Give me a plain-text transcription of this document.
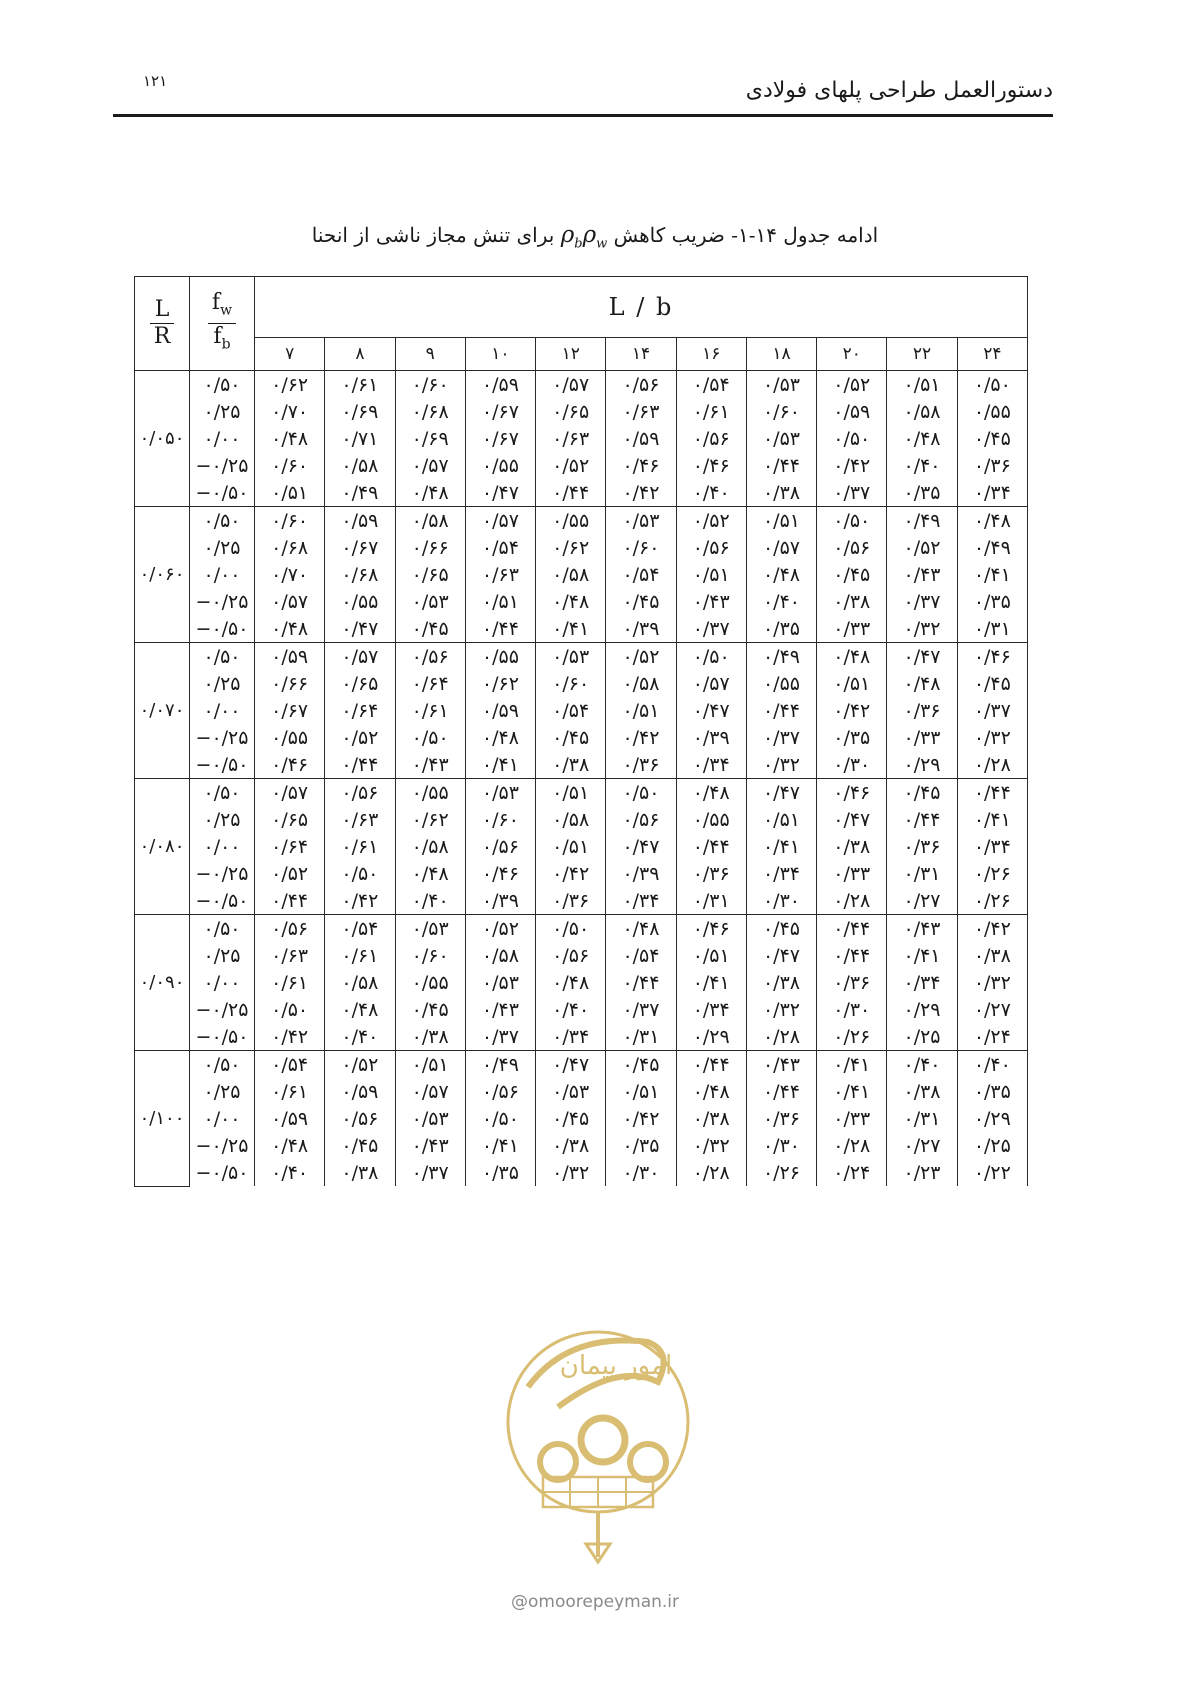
دستورالعمل طراحی پلهای فولادی
۱۲۱
ادامه جدول ۱۴-۱- ضریب کاهش $\rho_b\rho_w$ برای تنش مجاز ناشی از انحنا
$\frac{L}{R}$	$\frac{f_w}{f_b}$	L / b										
		۷	۸	۹	۱۰	۱۲	۱۴	۱۶	۱۸	۲۰	۲۲	۲۴
۰/۰۵۰	۰/۵۰	۰/۶۲	۰/۶۱	۰/۶۰	۰/۵۹	۰/۵۷	۰/۵۶	۰/۵۴	۰/۵۳	۰/۵۲	۰/۵۱	۰/۵۰
	۰/۲۵	۰/۷۰	۰/۶۹	۰/۶۸	۰/۶۷	۰/۶۵	۰/۶۳	۰/۶۱	۰/۶۰	۰/۵۹	۰/۵۸	۰/۵۵
	۰/۰۰	۰/۴۸	۰/۷۱	۰/۶۹	۰/۶۷	۰/۶۳	۰/۵۹	۰/۵۶	۰/۵۳	۰/۵۰	۰/۴۸	۰/۴۵
	−۰/۲۵	۰/۶۰	۰/۵۸	۰/۵۷	۰/۵۵	۰/۵۲	۰/۴۶	۰/۴۶	۰/۴۴	۰/۴۲	۰/۴۰	۰/۳۶
	−۰/۵۰	۰/۵۱	۰/۴۹	۰/۴۸	۰/۴۷	۰/۴۴	۰/۴۲	۰/۴۰	۰/۳۸	۰/۳۷	۰/۳۵	۰/۳۴
۰/۰۶۰	۰/۵۰	۰/۶۰	۰/۵۹	۰/۵۸	۰/۵۷	۰/۵۵	۰/۵۳	۰/۵۲	۰/۵۱	۰/۵۰	۰/۴۹	۰/۴۸
	۰/۲۵	۰/۶۸	۰/۶۷	۰/۶۶	۰/۵۴	۰/۶۲	۰/۶۰	۰/۵۶	۰/۵۷	۰/۵۶	۰/۵۲	۰/۴۹
	۰/۰۰	۰/۷۰	۰/۶۸	۰/۶۵	۰/۶۳	۰/۵۸	۰/۵۴	۰/۵۱	۰/۴۸	۰/۴۵	۰/۴۳	۰/۴۱
	−۰/۲۵	۰/۵۷	۰/۵۵	۰/۵۳	۰/۵۱	۰/۴۸	۰/۴۵	۰/۴۳	۰/۴۰	۰/۳۸	۰/۳۷	۰/۳۵
	−۰/۵۰	۰/۴۸	۰/۴۷	۰/۴۵	۰/۴۴	۰/۴۱	۰/۳۹	۰/۳۷	۰/۳۵	۰/۳۳	۰/۳۲	۰/۳۱
۰/۰۷۰	۰/۵۰	۰/۵۹	۰/۵۷	۰/۵۶	۰/۵۵	۰/۵۳	۰/۵۲	۰/۵۰	۰/۴۹	۰/۴۸	۰/۴۷	۰/۴۶
	۰/۲۵	۰/۶۶	۰/۶۵	۰/۶۴	۰/۶۲	۰/۶۰	۰/۵۸	۰/۵۷	۰/۵۵	۰/۵۱	۰/۴۸	۰/۴۵
	۰/۰۰	۰/۶۷	۰/۶۴	۰/۶۱	۰/۵۹	۰/۵۴	۰/۵۱	۰/۴۷	۰/۴۴	۰/۴۲	۰/۳۶	۰/۳۷
	−۰/۲۵	۰/۵۵	۰/۵۲	۰/۵۰	۰/۴۸	۰/۴۵	۰/۴۲	۰/۳۹	۰/۳۷	۰/۳۵	۰/۳۳	۰/۳۲
	−۰/۵۰	۰/۴۶	۰/۴۴	۰/۴۳	۰/۴۱	۰/۳۸	۰/۳۶	۰/۳۴	۰/۳۲	۰/۳۰	۰/۲۹	۰/۲۸
۰/۰۸۰	۰/۵۰	۰/۵۷	۰/۵۶	۰/۵۵	۰/۵۳	۰/۵۱	۰/۵۰	۰/۴۸	۰/۴۷	۰/۴۶	۰/۴۵	۰/۴۴
	۰/۲۵	۰/۶۵	۰/۶۳	۰/۶۲	۰/۶۰	۰/۵۸	۰/۵۶	۰/۵۵	۰/۵۱	۰/۴۷	۰/۴۴	۰/۴۱
	۰/۰۰	۰/۶۴	۰/۶۱	۰/۵۸	۰/۵۶	۰/۵۱	۰/۴۷	۰/۴۴	۰/۴۱	۰/۳۸	۰/۳۶	۰/۳۴
	−۰/۲۵	۰/۵۲	۰/۵۰	۰/۴۸	۰/۴۶	۰/۴۲	۰/۳۹	۰/۳۶	۰/۳۴	۰/۳۳	۰/۳۱	۰/۲۶
	−۰/۵۰	۰/۴۴	۰/۴۲	۰/۴۰	۰/۳۹	۰/۳۶	۰/۳۴	۰/۳۱	۰/۳۰	۰/۲۸	۰/۲۷	۰/۲۶
۰/۰۹۰	۰/۵۰	۰/۵۶	۰/۵۴	۰/۵۳	۰/۵۲	۰/۵۰	۰/۴۸	۰/۴۶	۰/۴۵	۰/۴۴	۰/۴۳	۰/۴۲
	۰/۲۵	۰/۶۳	۰/۶۱	۰/۶۰	۰/۵۸	۰/۵۶	۰/۵۴	۰/۵۱	۰/۴۷	۰/۴۴	۰/۴۱	۰/۳۸
	۰/۰۰	۰/۶۱	۰/۵۸	۰/۵۵	۰/۵۳	۰/۴۸	۰/۴۴	۰/۴۱	۰/۳۸	۰/۳۶	۰/۳۴	۰/۳۲
	−۰/۲۵	۰/۵۰	۰/۴۸	۰/۴۵	۰/۴۳	۰/۴۰	۰/۳۷	۰/۳۴	۰/۳۲	۰/۳۰	۰/۲۹	۰/۲۷
	−۰/۵۰	۰/۴۲	۰/۴۰	۰/۳۸	۰/۳۷	۰/۳۴	۰/۳۱	۰/۲۹	۰/۲۸	۰/۲۶	۰/۲۵	۰/۲۴
۰/۱۰۰	۰/۵۰	۰/۵۴	۰/۵۲	۰/۵۱	۰/۴۹	۰/۴۷	۰/۴۵	۰/۴۴	۰/۴۳	۰/۴۱	۰/۴۰	۰/۴۰
	۰/۲۵	۰/۶۱	۰/۵۹	۰/۵۷	۰/۵۶	۰/۵۳	۰/۵۱	۰/۴۸	۰/۴۴	۰/۴۱	۰/۳۸	۰/۳۵
	۰/۰۰	۰/۵۹	۰/۵۶	۰/۵۳	۰/۵۰	۰/۴۵	۰/۴۲	۰/۳۸	۰/۳۶	۰/۳۳	۰/۳۱	۰/۲۹
	−۰/۲۵	۰/۴۸	۰/۴۵	۰/۴۳	۰/۴۱	۰/۳۸	۰/۳۵	۰/۳۲	۰/۳۰	۰/۲۸	۰/۲۷	۰/۲۵
	−۰/۵۰	۰/۴۰	۰/۳۸	۰/۳۷	۰/۳۵	۰/۳۲	۰/۳۰	۰/۲۸	۰/۲۶	۰/۲۴	۰/۲۳	۰/۲۲
امور پیمان
@omoorepeyman.ir
